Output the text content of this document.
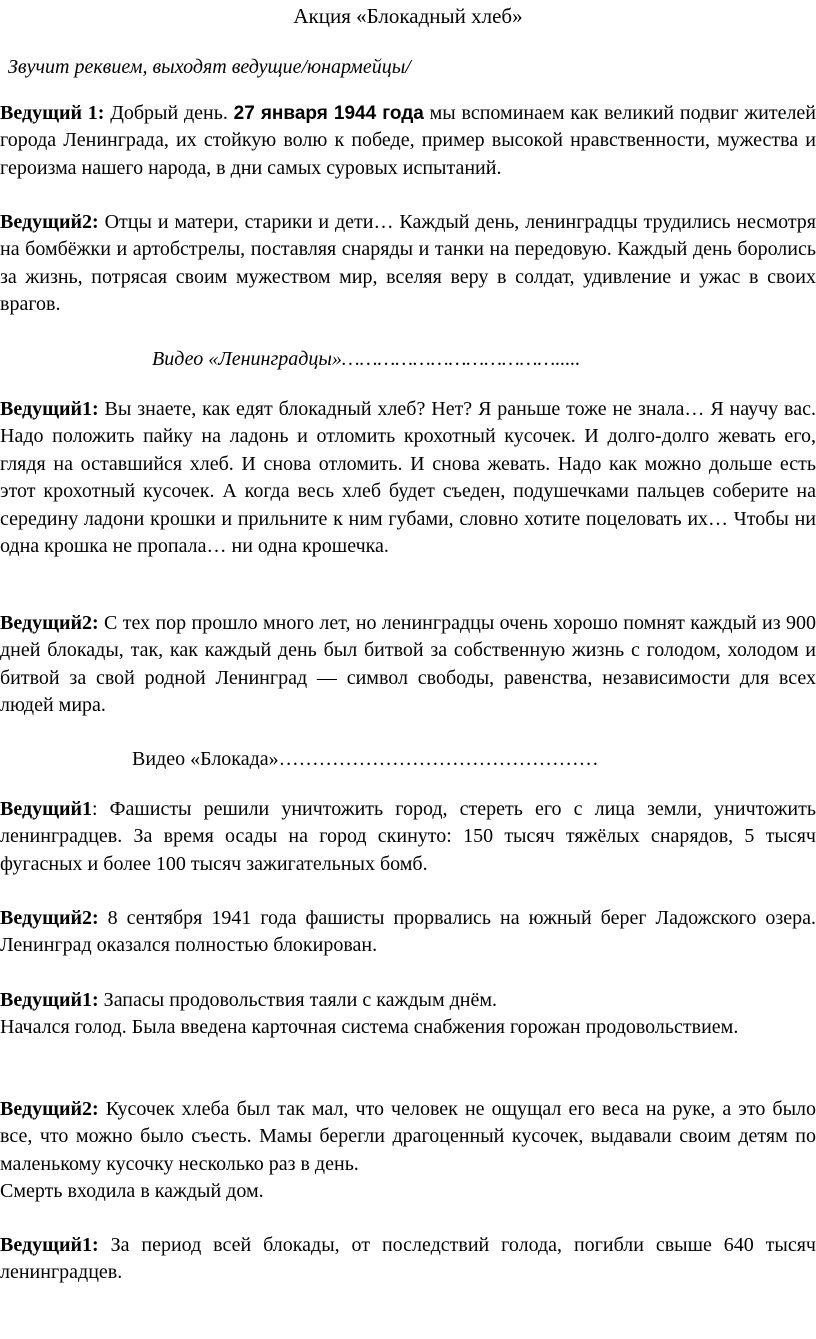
Акция «Блокадный хлеб»
Звучит реквием, выходят ведущие/юнармейцы/

Ведущий 1: Добрый день. 27 января 1944 года мы вспоминаем как великий подвиг жителей города Ленинграда, их стойкую волю к победе, пример высокой нравственности, мужества и героизма нашего народа, в дни самых суровых испытаний.

Ведущий2: Отцы и матери, старики и дети… Каждый день, ленинградцы трудились несмотря на бомбёжки и артобстрелы, поставляя снаряды и танки на передовую. Каждый день боролись за жизнь, потрясая своим мужеством мир, вселяя веру в солдат, удивление и ужас в своих врагов.

Видео «Ленинградцы»……………………………….....

Ведущий1: Вы знаете, как едят блокадный хлеб? Нет? Я раньше тоже не знала… Я научу вас. Надо положить пайку на ладонь и отломить крохотный кусочек. И долго-долго жевать его, глядя на оставшийся хлеб. И снова отломить. И снова жевать. Надо как можно дольше есть этот крохотный кусочек. А когда весь хлеб будет съеден, подушечками пальцев соберите на середину ладони крошки и прильните к ним губами, словно хотите поцеловать их… Чтобы ни одна крошка не пропала… ни одна крошечка.

Ведущий2: С тех пор прошло много лет, но ленинградцы очень хорошо помнят каждый из 900 дней блокады, так, как каждый день был битвой за собственную жизнь с голодом, холодом и битвой за свой родной Ленинград — символ свободы, равенства, независимости для всех людей мира.

Видео «Блокада»…………………………………………

Ведущий1: Фашисты решили уничтожить город, стереть его с лица земли, уничтожить ленинградцев. За время осады на город скинуто: 150 тысяч тяжёлых снарядов, 5 тысяч фугасных и более 100 тысяч зажигательных бомб.

Ведущий2: 8 сентября 1941 года фашисты прорвались на южный берег Ладожского озера. Ленинград оказался полностью блокирован.

Ведущий1: Запасы продовольствия таяли с каждым днём.
Начался голод. Была введена карточная система снабжения горожан продовольствием.

Ведущий2: Кусочек хлеба был так мал, что человек не ощущал его веса на руке, а это было все, что можно было съесть. Мамы берегли драгоценный кусочек, выдавали своим детям по маленькому кусочку несколько раз в день.
Смерть входила в каждый дом.

Ведущий1: За период всей блокады, от последствий голода, погибли свыше 640 тысяч ленинградцев.
